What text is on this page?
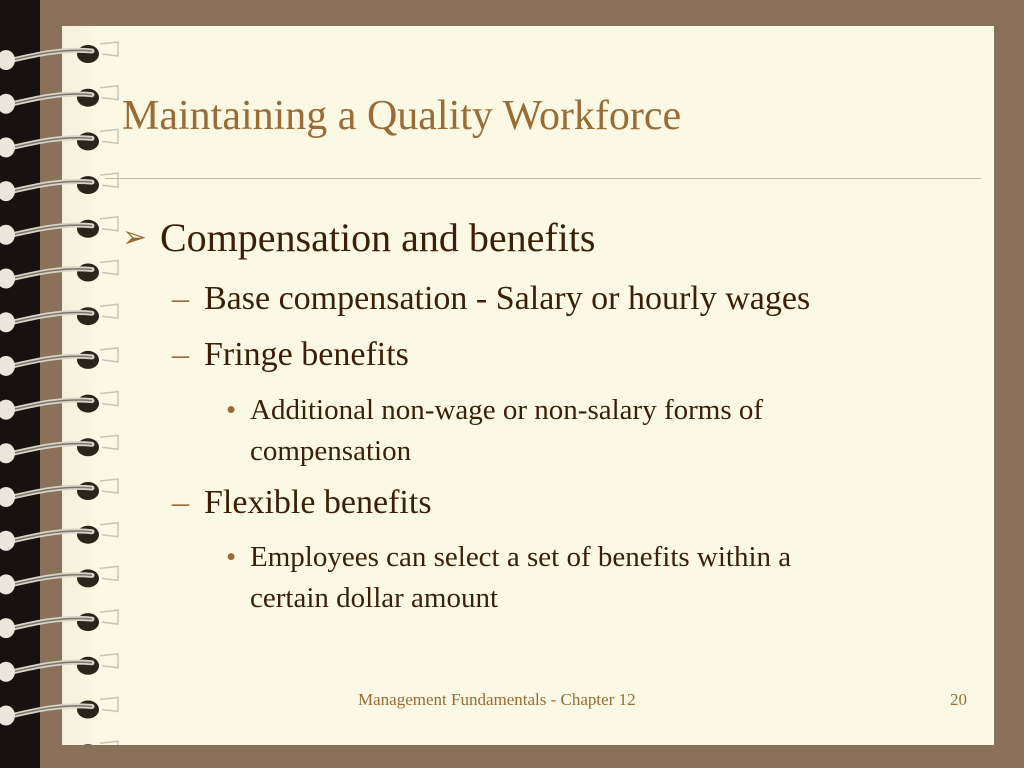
Maintaining a Quality Workforce
➢ Compensation and benefits
– Base compensation - Salary or hourly wages
– Fringe benefits
• Additional non-wage or non-salary forms of compensation
– Flexible benefits
• Employees can select a set of benefits within a certain dollar amount
Management Fundamentals - Chapter 12	20
